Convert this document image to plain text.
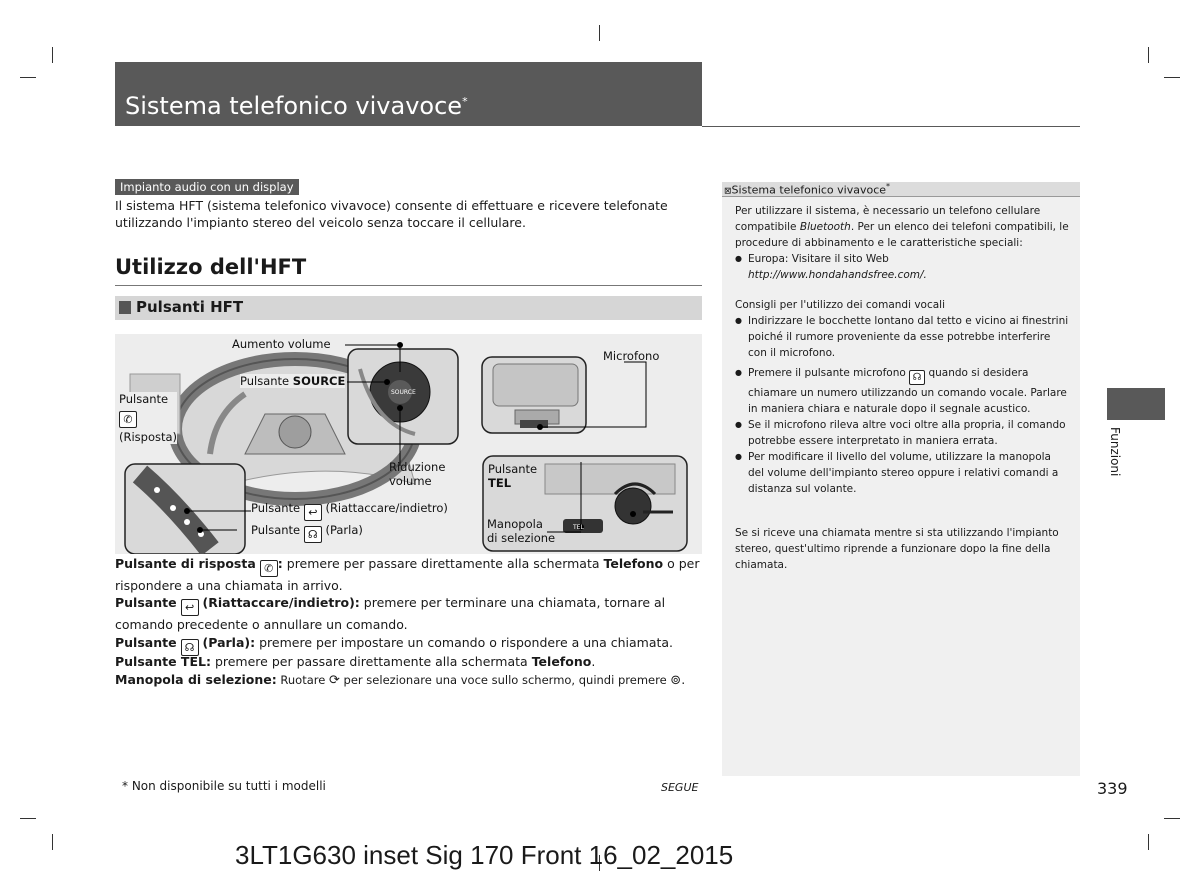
Sistema telefonico vivavoce*
Impianto audio con un display
Il sistema HFT (sistema telefonico vivavoce) consente di effettuare e ricevere telefonate utilizzando l'impianto stereo del veicolo senza toccare il cellulare.
Utilizzo dell'HFT
Pulsanti HFT
SOURCE
TEL
Aumento volume
Pulsante SOURCE
Pulsante
✆
(Risposta)
Microfono
Riduzione
volume
Pulsante
TEL
Pulsante ↩ (Riattaccare/indietro)
Pulsante ☊ (Parla)	Manopola
di selezione
Pulsante di risposta ✆ : premere per passare direttamente alla schermata Telefono o per rispondere a una chiamata in arrivo.
Pulsante ↩ (Riattaccare/indietro): premere per terminare una chiamata, tornare al comando precedente o annullare un comando.
Pulsante ☊ (Parla): premere per impostare un comando o rispondere a una chiamata.
Pulsante TEL: premere per passare direttamente alla schermata Telefono.
Manopola di selezione: Ruotare ⟳ per selezionare una voce sullo schermo, quindi premere ⊚.
⊠Sistema telefonico vivavoce*
Per utilizzare il sistema, è necessario un telefono cellulare compatibile Bluetooth. Per un elenco dei telefoni compatibili, le procedure di abbinamento e le caratteristiche speciali:
● Europa: Visitare il sito Web
http://www.hondahandsfree.com/.
Consigli per l'utilizzo dei comandi vocali
● Indirizzare le bocchette lontano dal tetto e vicino ai finestrini poiché il rumore proveniente da esse potrebbe interferire con il microfono.
● Premere il pulsante microfono ☊ quando si desidera chiamare un numero utilizzando un comando vocale. Parlare in maniera chiara e naturale dopo il segnale acustico.
● Se il microfono rileva altre voci oltre alla propria, il comando potrebbe essere interpretato in maniera errata.
● Per modificare il livello del volume, utilizzare la manopola del volume dell'impianto stereo oppure i relativi comandi a distanza sul volante.
Se si riceve una chiamata mentre si sta utilizzando l'impianto stereo, quest'ultimo riprende a funzionare dopo la fine della chiamata.
Funzioni
* Non disponibile su tutti i modelli	SEGUE	339
3LT1G630 inset Sig 170 Front 16_02_2015
